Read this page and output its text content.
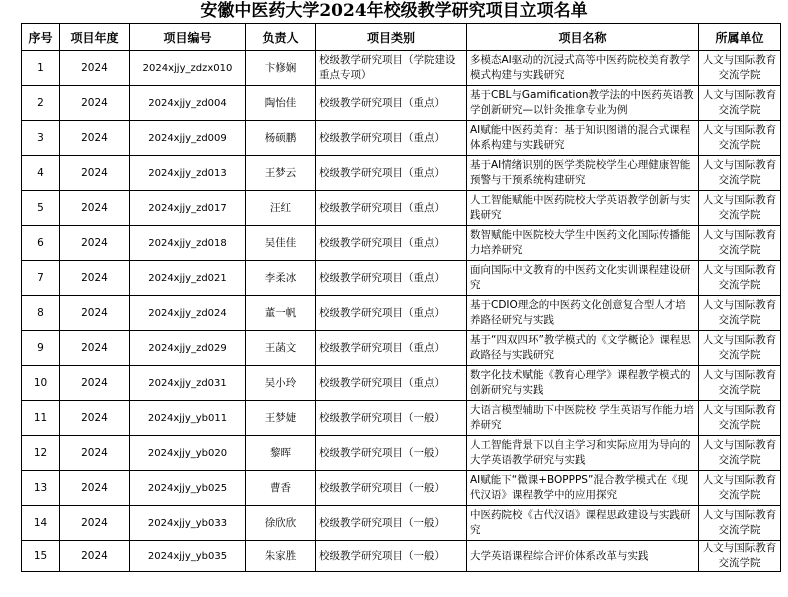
安徽中医药大学2024年校级教学研究项目立项名单
序号	项目年度	项目编号	负责人	项目类别	项目名称	所属单位
1	2024	2024xjjy_zdzx010	卞修娴	校级教学研究项目（学院建设重点专项）	多模态AI驱动的沉浸式高等中医药院校美育教学模式构建与实践研究	人文与国际教育交流学院
2	2024	2024xjjy_zd004	陶怡佳	校级教学研究项目（重点）	基于CBL与Gamification教学法的中医药英语教学创新研究—以针灸推拿专业为例	人文与国际教育交流学院
3	2024	2024xjjy_zd009	杨硕鹏	校级教学研究项目（重点）	AI赋能中医药美育：基于知识图谱的混合式课程体系构建与实践研究	人文与国际教育交流学院
4	2024	2024xjjy_zd013	王梦云	校级教学研究项目（重点）	基于AI情绪识别的医学类院校学生心理健康智能预警与干预系统构建研究	人文与国际教育交流学院
5	2024	2024xjjy_zd017	汪红	校级教学研究项目（重点）	人工智能赋能中医药院校大学英语教学创新与实践研究	人文与国际教育交流学院
6	2024	2024xjjy_zd018	吴佳佳	校级教学研究项目（重点）	数智赋能中医院校大学生中医药文化国际传播能力培养研究	人文与国际教育交流学院
7	2024	2024xjjy_zd021	李柔冰	校级教学研究项目（重点）	面向国际中文教育的中医药文化实训课程建设研究	人文与国际教育交流学院
8	2024	2024xjjy_zd024	董一帆	校级教学研究项目（重点）	基于CDIO理念的中医药文化创意复合型人才培养路径研究与实践	人文与国际教育交流学院
9	2024	2024xjjy_zd029	王菡文	校级教学研究项目（重点）	基于“四双四环”教学模式的《文学概论》课程思政路径与实践研究	人文与国际教育交流学院
10	2024	2024xjjy_zd031	吴小玲	校级教学研究项目（重点）	数字化技术赋能《教育心理学》课程教学模式的创新研究与实践	人文与国际教育交流学院
11	2024	2024xjjy_yb011	王梦婕	校级教学研究项目（一般）	大语言模型辅助下中医院校 学生英语写作能力培养研究	人文与国际教育交流学院
12	2024	2024xjjy_yb020	黎晖	校级教学研究项目（一般）	人工智能背景下以自主学习和实际应用为导向的大学英语教学研究与实践	人文与国际教育交流学院
13	2024	2024xjjy_yb025	曹香	校级教学研究项目（一般）	AI赋能下“微课+BOPPPS”混合教学模式在《现代汉语》课程教学中的应用探究	人文与国际教育交流学院
14	2024	2024xjjy_yb033	徐欣欣	校级教学研究项目（一般）	中医药院校《古代汉语》课程思政建设与实践研究	人文与国际教育交流学院
15	2024	2024xjjy_yb035	朱家胜	校级教学研究项目（一般）	大学英语课程综合评价体系改革与实践	人文与国际教育交流学院
